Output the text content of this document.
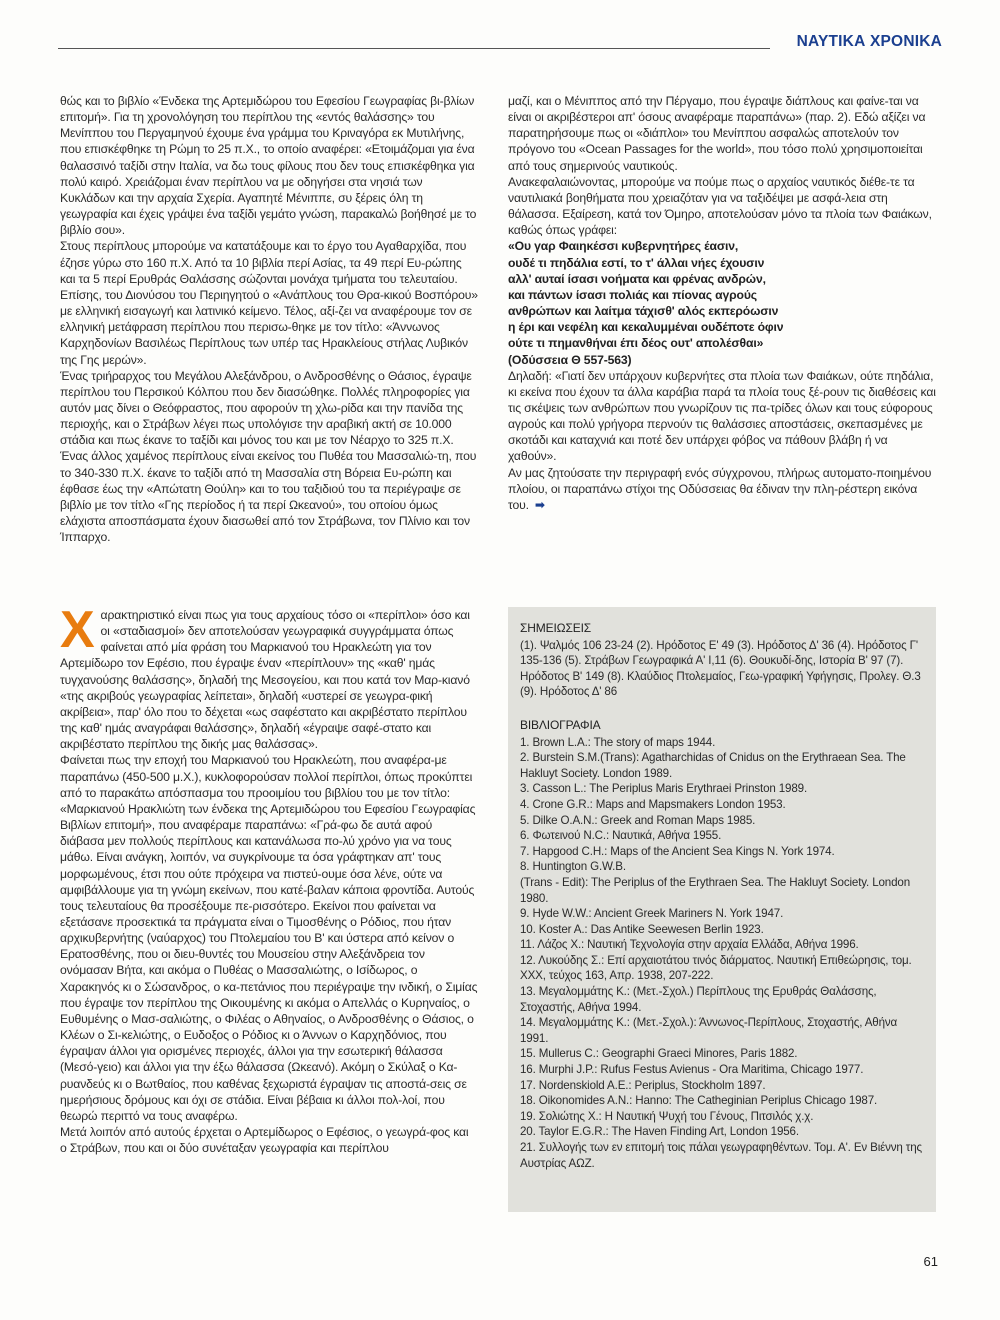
ΝΑΥΤΙΚΑ ΧΡΟΝΙΚΑ

θώς και το βιβλίο «Ένδεκα της Αρτεμιδώρου του Εφεσίου Γεωγραφίας βι-βλίων επιτομή». Για τη χρονολόγηση του περίπλου της «εντός θαλάσσης» του Μενίππου του Περγαμηνού έχουμε ένα γράμμα του Κριναγόρα εκ Μυτιλήνης, που επισκέφθηκε τη Ρώμη το 25 π.Χ., το οποίο αναφέρει: «Ετοιμάζομαι για ένα θαλασσινό ταξίδι στην Ιταλία, να δω τους φίλους που δεν τους επισκέφθηκα για πολύ καιρό. Χρειάζομαι έναν περίπλου να με οδηγήσει στα νησιά των Κυκλάδων και την αρχαία Σχερία. Αγαπητέ Μένιππε, συ ξέρεις όλη τη γεωγραφία και έχεις γράψει ένα ταξίδι γεμάτο γνώση, παρακαλώ βοήθησέ με το βιβλίο σου».

Στους περίπλους μπορούμε να κατατάξουμε και το έργο του Αγαθαρχίδα, που έζησε γύρω στο 160 π.Χ. Από τα 10 βιβλία περί Ασίας, τα 49 περί Ευ-ρώπης και τα 5 περί Ερυθράς Θαλάσσης σώζονται μονάχα τμήματα του τελευταίου. Επίσης, του Διονύσου του Περιηγητού ο «Ανάπλους του Θρα-κικού Βοσπόρου» με ελληνική εισαγωγή και λατινικό κείμενο. Τέλος, αξί-ζει να αναφέρουμε τον σε ελληνική μετάφραση περίπλου που περισω-θηκε με τον τίτλο: «Άννωνος Καρχηδονίων Βασιλέως Περίπλους των υπέρ τας Ηρακλείους στήλας Λυβικόν της Γης μερών».

Ένας τριήραρχος του Μεγάλου Αλεξάνδρου, ο Ανδροσθένης ο Θάσιος, έγραψε περίπλου του Περσικού Κόλπου που δεν διασώθηκε. Πολλές πληροφορίες για αυτόν μας δίνει ο Θεόφραστος, που αφορούν τη χλω-ρίδα και την πανίδα της περιοχής, και ο Στράβων λέγει πως υπολόγισε την αραβική ακτή σε 10.000 στάδια και πως έκανε το ταξίδι και μόνος του και με τον Νέαρχο το 325 π.Χ.

Ένας άλλος χαμένος περίπλους είναι εκείνος του Πυθέα του Μασσαλιώ-τη, που το 340-330 π.Χ. έκανε το ταξίδι από τη Μασσαλία στη Βόρεια Ευ-ρώπη και έφθασε έως την «Απώτατη Θούλη» και το του ταξιδιού του τα περιέγραψε σε βιβλίο με τον τίτλο «Γης περίοδος ή τα περί Ωκεανού», του οποίου όμως ελάχιστα αποσπάσματα έχουν διασωθεί από τον Στράβωνα, τον Πλίνιο και τον Ίππαρχο.

μαζί, και ο Μένιππος από την Πέργαμο, που έγραψε διάπλους και φαίνε-ται να είναι οι ακριβέστεροι απ' όσους αναφέραμε παραπάνω» (παρ. 2). Εδώ αξίζει να παρατηρήσουμε πως οι «διάπλοι» του Μενίππου ασφαλώς αποτελούν τον πρόγονο του «Ocean Passages for the world», που τόσο πολύ χρησιμοποιείται από τους σημερινούς ναυτικούς.

Ανακεφαλαιώνοντας, μπορούμε να πούμε πως ο αρχαίος ναυτικός διέθε-τε τα ναυτιλιακά βοηθήματα που χρειαζόταν για να ταξιδέψει με ασφά-λεια στη θάλασσα. Εξαίρεση, κατά τον Όμηρο, αποτελούσαν μόνο τα πλοία των Φαιάκων, καθώς όπως γράφει:

«Ου γαρ Φαιηκέσσι κυβερνητήρες έασιν,
ουδέ τι πηδάλια εστί, το τ' άλλαι νήες έχουσιν
αλλ' αυταί ίσασι νοήματα και φρένας ανδρών,
και πάντων ίσασι πολιάς και πίονας αγρούς
ανθρώπων και λαίτμα τάχισθ' αλός εκπερόωσιν
η έρι και νεφέλη και κεκαλυμμέναι ουδέποτε όφιν
ούτε τι πημανθήναι έπι δέος ουτ' απολέσθαι»
(Οδύσσεια Θ 557-563)

Δηλαδή: «Γιατί δεν υπάρχουν κυβερνήτες στα πλοία των Φαιάκων, ούτε πηδάλια, κι εκείνα που έχουν τα άλλα καράβια παρά τα πλοία τους ξέ-ρουν τις διαθέσεις και τις σκέψεις των ανθρώπων που γνωρίζουν τις πα-τρίδες όλων και τους εύφορους αγρούς και πολύ γρήγορα περνούν τις θαλάσσιες αποστάσεις, σκεπασμένες με σκοτάδι και καταχνιά και ποτέ δεν υπάρχει φόβος να πάθουν βλάβη ή να χαθούν».

Αν μας ζητούσατε την περιγραφή ενός σύγχρονου, πλήρως αυτοματο-ποιημένου πλοίου, οι παραπάνω στίχοι της Οδύσσειας θα έδιναν την πλη-ρέστερη εικόνα του. ➡

Χαρακτηριστικό είναι πως για τους αρχαίους τόσο οι «περίπλοι» όσο και οι «σταδιασμοί» δεν αποτελούσαν γεωγραφικά συγγράμματα όπως φαίνεται από μία φράση του Μαρκιανού του Ηρακλεώτη για τον Αρτεμίδωρο τον Εφέσιο, που έγραψε έναν «περίπλουν» της «καθ' ημάς τυγχανούσης θαλάσσης», δηλαδή της Μεσογείου, και που κατά τον Μαρ-κιανό «της ακριβούς γεωγραφίας λείπεται», δηλαδή «υστερεί σε γεωγρα-φική ακρίβεια», παρ' όλο που το δέχεται «ως σαφέστατο και ακριβέστατο περίπλου της καθ' ημάς αναγράφαι θαλάσσης», δηλαδή «έγραψε σαφέ-στατο και ακριβέστατο περίπλου της δικής μας θαλάσσας».

Φαίνεται πως την εποχή του Μαρκιανού του Ηρακλεώτη, που αναφέρα-με παραπάνω (450-500 μ.Χ.), κυκλοφορούσαν πολλοί περίπλοι, όπως προκύπτει από το παρακάτω απόσπασμα του προοιμίου του βιβλίου του με τον τίτλο: «Μαρκιανού Ηρακλιώτη των ένδεκα της Αρτεμιδώρου του Εφεσίου Γεωγραφίας Βιβλίων επιτομή», που αναφέραμε παραπάνω: «Γρά-φω δε αυτά αφού διάβασα μεν πολλούς περίπλους και κατανάλωσα πο-λύ χρόνο για να τους μάθω. Είναι ανάγκη, λοιπόν, να συγκρίνουμε τα όσα γράφτηκαν απ' τους μορφωμένους, έτσι που ούτε πρόχειρα να πιστεύ-ουμε όσα λένε, ούτε να αμφιβάλλουμε για τη γνώμη εκείνων, που κατέ-βαλαν κάποια φροντίδα. Αυτούς τους τελευταίους θα προσέξουμε πε-ρισσότερο. Εκείνοι που φαίνεται να εξετάσανε προσεκτικά τα πράγματα είναι ο Τιμοσθένης ο Ρόδιος, που ήταν αρχικυβερνήτης (ναύαρχος) του Πτολεμαίου του Β' και ύστερα από κείνον ο Ερατοσθένης, που οι διευ-θυντές του Μουσείου στην Αλεξάνδρεια τον ονόμασαν Βήτα, και ακόμα ο Πυθέας ο Μασσαλιώτης, ο Ισίδωρος, ο Χαρακηνός κι ο Σώσανδρος, ο κα-πετάνιος που περιέγραψε την ινδική, ο Σιμίας που έγραψε τον περίπλου της Οικουμένης κι ακόμα ο Απελλάς ο Κυρηναίος, ο Ευθυμένης ο Μασ-σαλιώτης, ο Φιλέας ο Αθηναίος, ο Ανδροσθένης ο Θάσιος, ο Κλέων ο Σι-κελιώτης, ο Ευδοξος ο Ρόδιος κι ο Άννων ο Καρχηδόνιος, που έγραψαν άλλοι για ορισμένες περιοχές, άλλοι για την εσωτερική θάλασσα (Μεσό-γειο) και άλλοι για την έξω θάλασσα (Ωκεανό). Ακόμη ο Σκύλαξ ο Κα-ρυανδεύς κι ο Βωτθαίος, που καθένας ξεχωριστά έγραψαν τις αποστά-σεις σε ημερήσιους δρόμους και όχι σε στάδια. Είναι βέβαια κι άλλοι πολ-λοί, που θεωρώ περιττό να τους αναφέρω.

Μετά λοιπόν από αυτούς έρχεται ο Αρτεμίδωρος ο Εφέσιος, ο γεωγρά-φος και ο Στράβων, που και οι δύο συνέταξαν γεωγραφία και περίπλου

ΣΗΜΕΙΩΣΕΙΣ

(1). Ψαλμός 106 23-24 (2). Ηρόδοτος Ε' 49 (3). Ηρόδοτος Δ' 36 (4). Ηρόδοτος Γ' 135-136 (5). Στράβων Γεωγραφικά Α' Ι,11 (6). Θουκυδί-δης, Ιστορία Β' 97 (7). Ηρόδοτος Β' 149 (8). Κλαύδιος Πτολεμαίος, Γεω-γραφική Υφήγησις, Προλεγ. Θ.3 (9). Ηρόδοτος Δ' 86

ΒΙΒΛΙΟΓΡΑΦΙΑ
1. Brown L.A.: The story of maps 1944.
2. Burstein S.M.(Trans): Agatharchidas of Cnidus on the Erythraean Sea. The Hakluyt Society. London 1989.
3. Casson L.: The Periplus Maris Erythraei Prinston 1989.
4. Crone G.R.: Maps and Mapsmakers London 1953.
5. Dilke O.A.N.: Greek and Roman Maps 1985.
6. Φωτεινού Ν.C.: Ναυτικά, Αθήνα 1955.
7. Hapgood C.H.: Maps of the Ancient Sea Kings N. York 1974.
8. Huntington G.W.B.
(Trans - Edit): The Periplus of the Erythraen Sea. The Hakluyt Society. London 1980.
9. Hyde W.W.: Ancient Greek Mariners N. York 1947.
10. Koster A.: Das Antike Seewesen Berlin 1923.
11. Λάζος Χ.: Ναυτική Τεχνολογία στην αρχαία Ελλάδα, Αθήνα 1996.
12. Λυκούδης Σ.: Επί αρχαιοτάτου τινός διάρματος. Ναυτική Επιθεώρησις, τομ. ΧΧΧ, τεύχος 163, Απρ. 1938, 207-222.
13. Μεγαλομμάτης Κ.: (Μετ.-Σχολ.) Περίπλους της Ερυθράς Θαλάσσης, Στοχαστής, Αθήνα 1994.
14. Μεγαλομμάτης Κ.: (Μετ.-Σχολ.): Άννωνος-Περίπλους, Στοχαστής, Αθήνα 1991.
15. Mullerus C.: Geographi Graeci Minores, Paris 1882.
16. Murphi J.P.: Rufus Festus Avienus - Ora Maritima, Chicago 1977.
17. Nordenskiold A.E.: Periplus, Stockholm 1897.
18. Oikonomides A.N.: Hanno: The Catheginian Periplus Chicago 1987.
19. Σολιώτης Χ.: Η Ναυτική Ψυχή του Γένους, Πιτσιλός χ.χ.
20. Taylor E.G.R.: The Haven Finding Art, London 1956.
21. Συλλογής των εν επιτομή τοις πάλαι γεωγραφηθέντων. Τομ. Α'. Εν Βιέννη της Αυστρίας ΑΩΖ.
61
